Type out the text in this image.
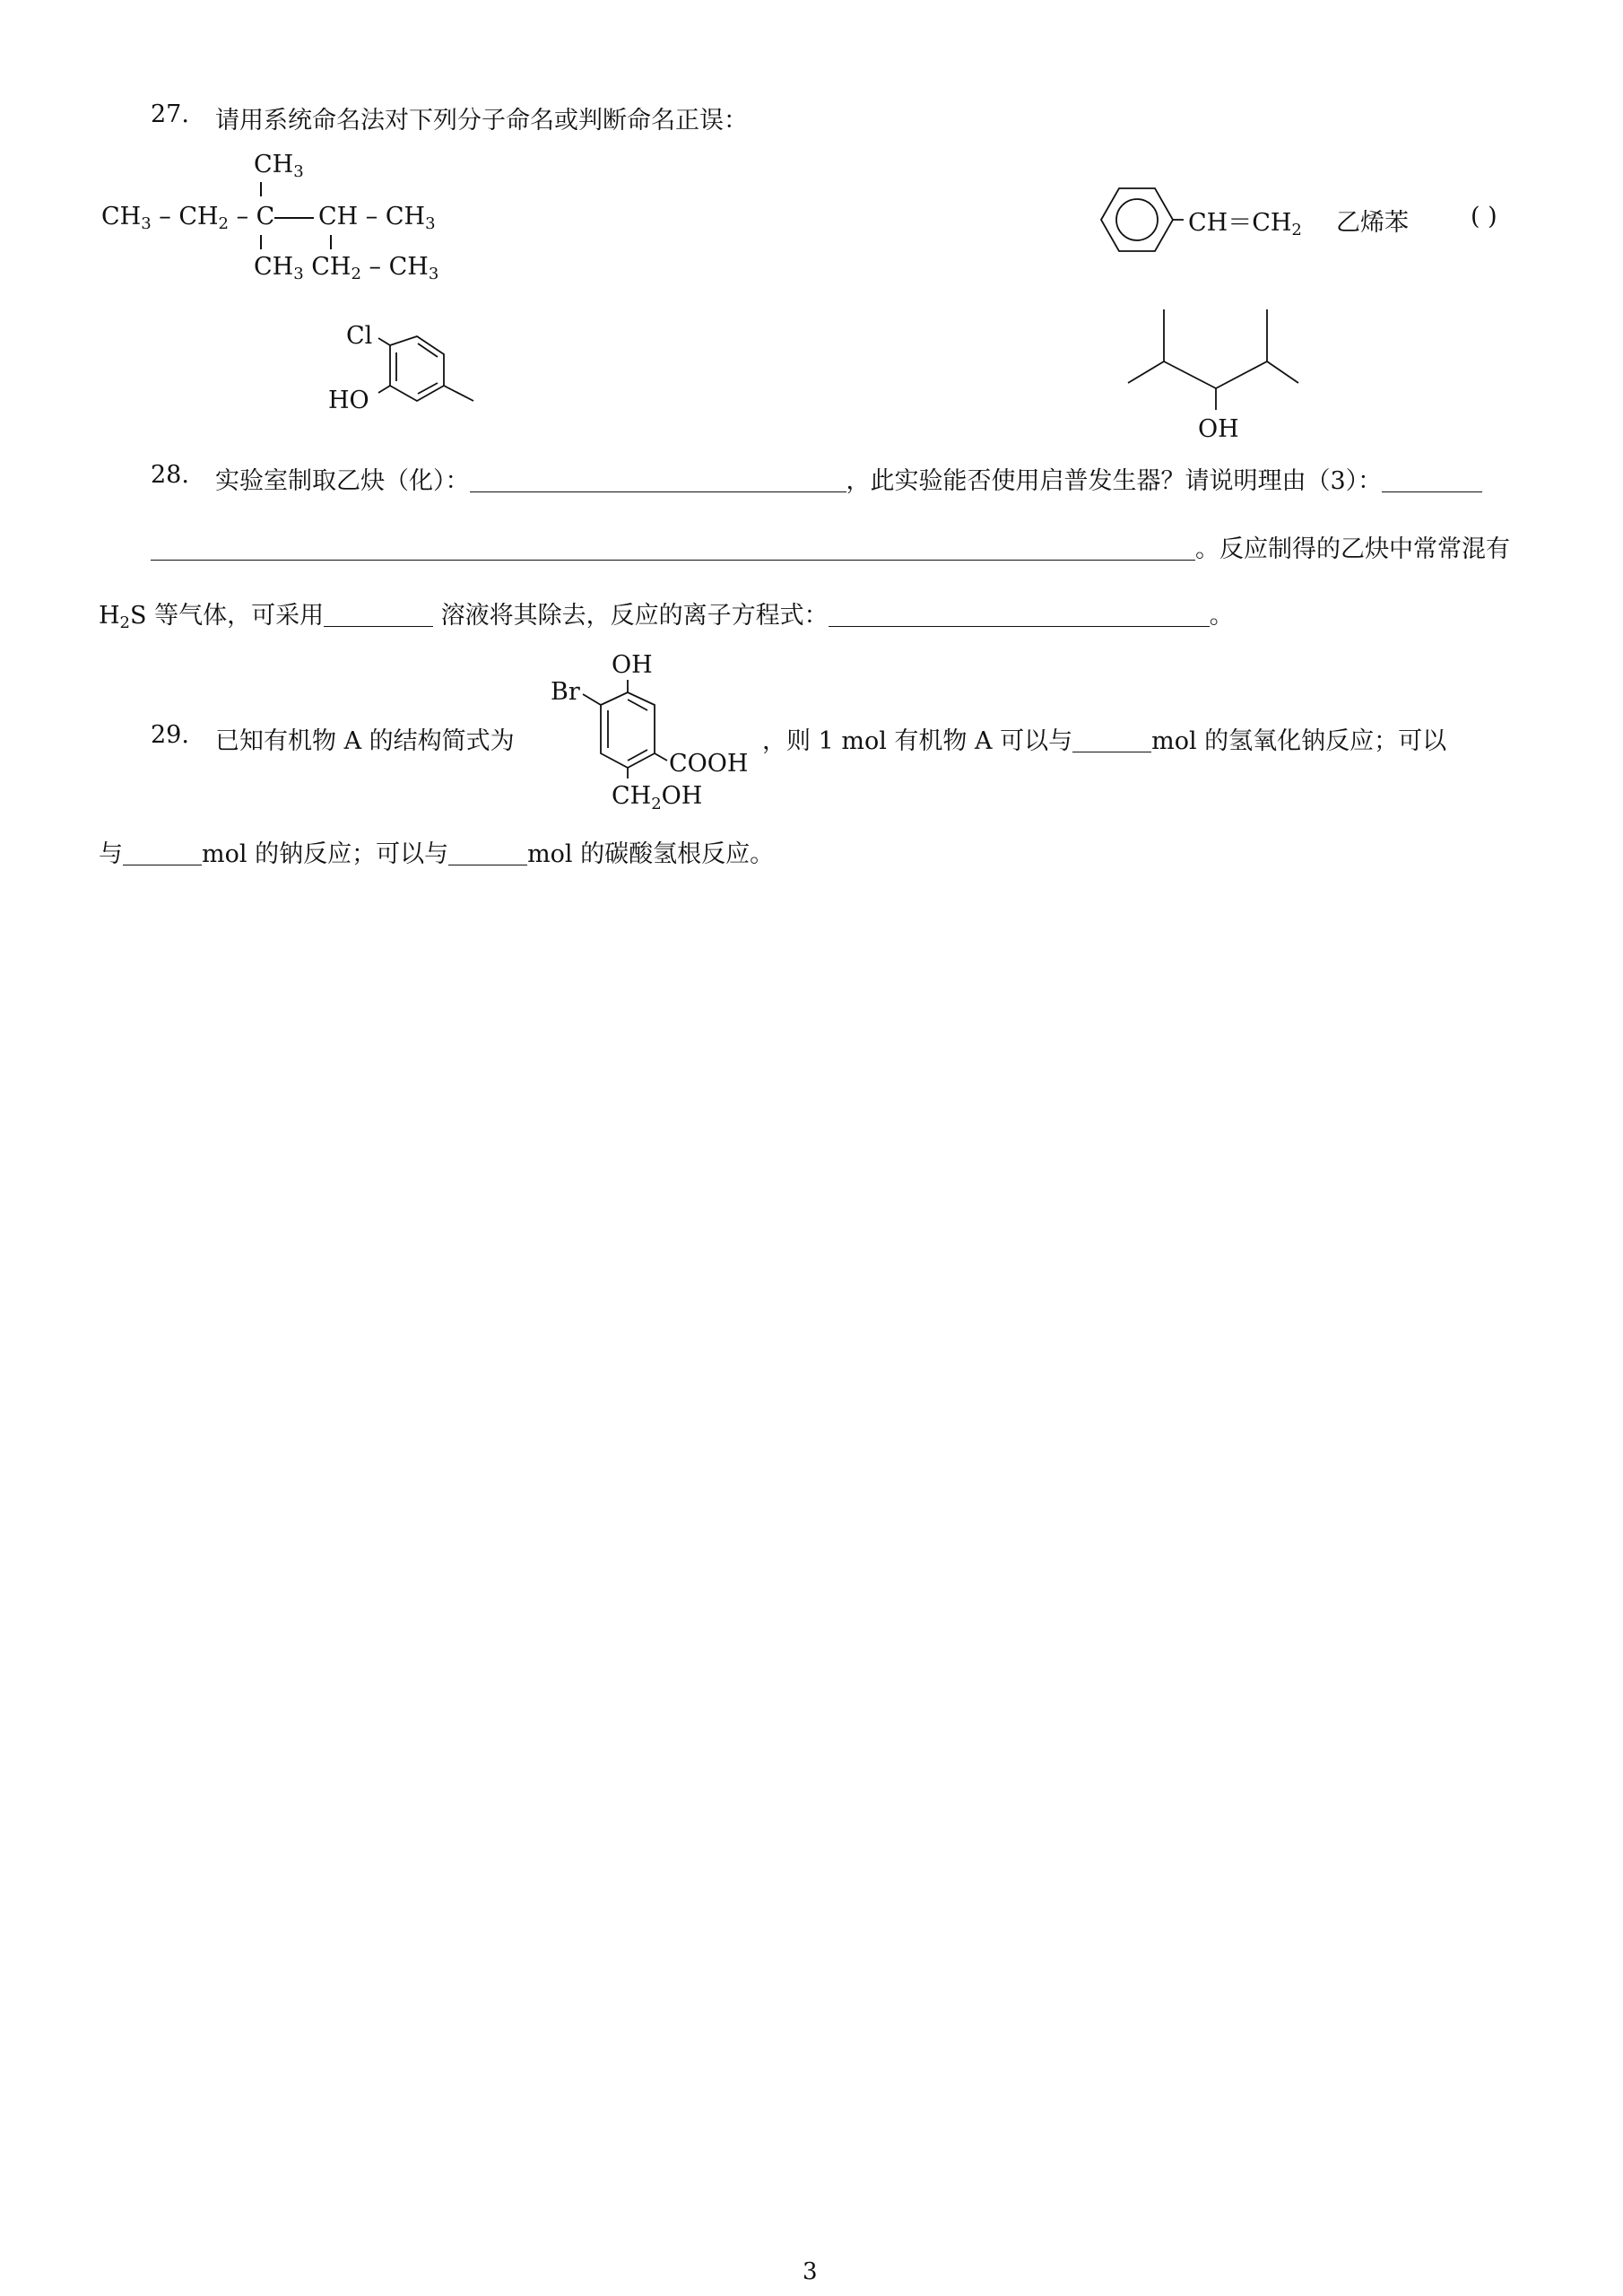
27. 请用系统命名法对下列分子命名或判断命名正误：
$CH_3$
$CH_3 - CH_2$ – C CH – $CH_3$
$CH_3$ $CH_2 - CH_3$
$CH=CH_2$ 乙烯苯	( )
Cl
HO
OH
28. 实验室制取乙炔（化）：	，此实验能否使用启普发生器？请说明理由（3）：
。反应制得的乙炔中常常混有
$H_2S$ 等气体，可采用	溶液将其除去，反应的离子方程式：	。
29. 已知有机物 A 的结构简式为
OH
Br
COOH
$CH_2OH$
，则 1 mol 有机物 A 可以与	mol 的氢氧化钠反应；可以
与	mol 的钠反应；可以与	mol 的碳酸氢根反应。
3
